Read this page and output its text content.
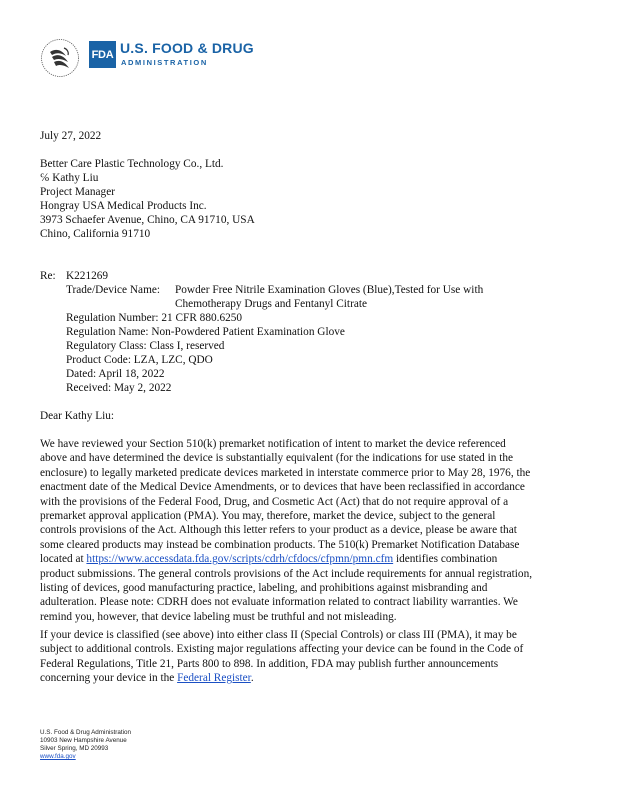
FDA U.S. FOOD & DRUG
ADMINISTRATION
July 27, 2022
Better Care Plastic Technology Co., Ltd.
℅ Kathy Liu
Project Manager
Hongray USA Medical Products Inc.
3973 Schaefer Avenue, Chino, CA 91710, USA
Chino, California 91710
Re: K221269
Trade/Device Name: Powder Free Nitrile Examination Gloves (Blue),Tested for Use with
Chemotherapy Drugs and Fentanyl Citrate
Regulation Number: 21 CFR 880.6250
Regulation Name: Non-Powdered Patient Examination Glove
Regulatory Class: Class I, reserved
Product Code: LZA, LZC, QDO
Dated: April 18, 2022
Received: May 2, 2022
Dear Kathy Liu:
We have reviewed your Section 510(k) premarket notification of intent to market the device referenced
above and have determined the device is substantially equivalent (for the indications for use stated in the
enclosure) to legally marketed predicate devices marketed in interstate commerce prior to May 28, 1976, the
enactment date of the Medical Device Amendments, or to devices that have been reclassified in accordance
with the provisions of the Federal Food, Drug, and Cosmetic Act (Act) that do not require approval of a
premarket approval application (PMA). You may, therefore, market the device, subject to the general
controls provisions of the Act. Although this letter refers to your product as a device, please be aware that
some cleared products may instead be combination products. The 510(k) Premarket Notification Database
located at https://www.accessdata.fda.gov/scripts/cdrh/cfdocs/cfpmn/pmn.cfm identifies combination
product submissions. The general controls provisions of the Act include requirements for annual registration,
listing of devices, good manufacturing practice, labeling, and prohibitions against misbranding and
adulteration. Please note: CDRH does not evaluate information related to contract liability warranties. We
remind you, however, that device labeling must be truthful and not misleading.
If your device is classified (see above) into either class II (Special Controls) or class III (PMA), it may be
subject to additional controls. Existing major regulations affecting your device can be found in the Code of
Federal Regulations, Title 21, Parts 800 to 898. In addition, FDA may publish further announcements
concerning your device in the Federal Register.
U.S. Food & Drug Administration
10903 New Hampshire Avenue
Silver Spring, MD 20993
www.fda.gov
